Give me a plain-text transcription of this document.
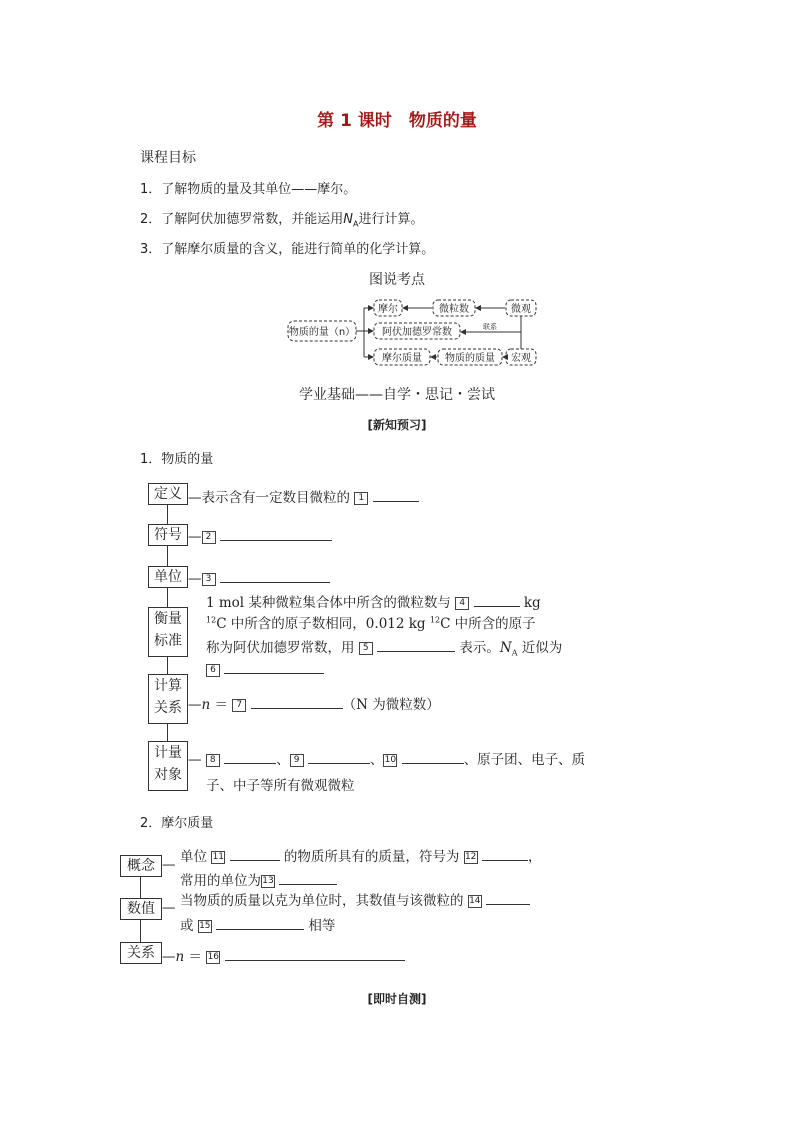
第 1 课时　物质的量
课程目标
1．了解物质的量及其单位——摩尔。
2．了解阿伏加德罗常数，并能运用$N_A$进行计算。
3．了解摩尔质量的含义，能进行简单的化学计算。
图说考点
物质的量（n）
摩尔
阿伏加德罗常数
摩尔质量
微粒数
物质的质量
微观
宏观
联系
学业基础——自学・思记・尝试
[新知预习]
1．物质的量
定义
符号
单位
衡量
标准
计算
关系
计量
对象
—表示含有一定数目微粒的 1
— 2
— 3
1 mol 某种微粒集合体中所含的微粒数与 4	kg
$^{12}$C 中所含的原子数相同，0.012 kg $^{12}$C 中所含的原子
称为阿伏加德罗常数，用 5	表示。$N_A$ 近似为
6
—n ＝ 7	（N 为微粒数）
— 8	、 9	、10	、原子团、电子、质
子、中子等所有微观微粒
2．摩尔质量
概念
数值
关系
—
—
单位 11	的物质所具有的质量，符号为 12	，
常用的单位为13
当物质的质量以克为单位时，其数值与该微粒的 14
或 15	相等
—n ＝ 16
[即时自测]
